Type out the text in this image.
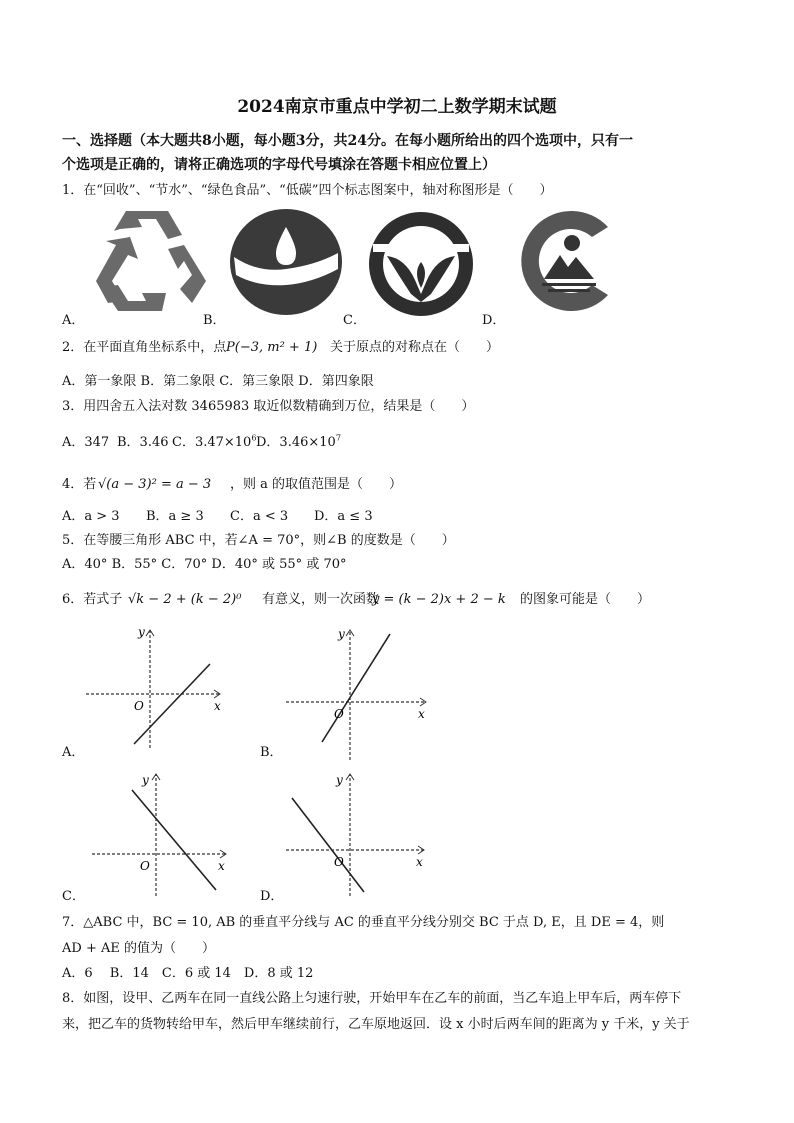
2024南京市重点中学初二上数学期末试题
一、选择题（本大题共8小题，每小题3分，共24分。在每小题所给出的四个选项中，只有一
个选项是正确的，请将正确选项的字母代号填涂在答题卡相应位置上）
1．在“回收”、“节水”、“绿色食品”、“低碳”四个标志图案中，轴对称图形是（　　）
A．	B．	C．	D．
2．在平面直角坐标系中，点 P(−3, m² + 1) 关于原点的对称点在（　　）
A．第一象限 B．第二象限 C．第三象限 D．第四象限
3．用四舍五入法对数 3465983 取近似数精确到万位，结果是（　　）
A．347 B．3.46 C．$3.47\times 10^6$ D．$3.46\times 10^7$
4．若 √(a − 3)² = a − 3 ，则 a 的取值范围是（　　）
A．a > 3 B．a ≥ 3 C．a < 3 D．a ≤ 3
5．在等腰三角形 ABC 中，若∠A = 70°，则∠B 的度数是（　　）
A．40° B．55° C．70° D．40° 或 55° 或 70°
6．若式子 √k − 2 + (k − 2)⁰ 有意义，则一次函数
y = (k − 2)x + 2 − k 的图象可能是（　　）
y
x
O
A．
y
x
O
B．
y
x
O
C．
y
x
O
D．
7．△ABC 中，BC = 10, AB 的垂直平分线与 AC 的垂直平分线分别交 BC 于点 D, E，且 DE = 4，则
AD + AE 的值为（　　）
A．6　 B．14　C．6 或 14　D．8 或 12
8．如图，设甲、乙两车在同一直线公路上匀速行驶，开始甲车在乙车的前面，当乙车追上甲车后，两车停下
来，把乙车的货物转给甲车，然后甲车继续前行，乙车原地返回．设 x 小时后两车间的距离为 y 千米，y 关于
